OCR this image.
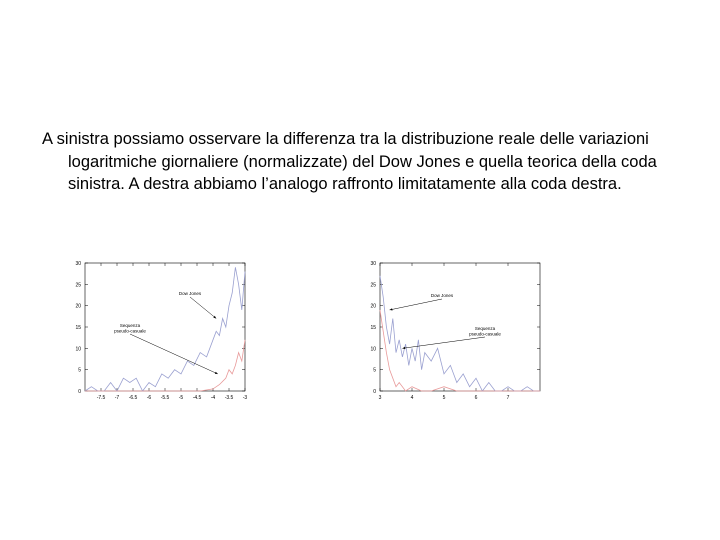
A sinistra possiamo osservare la differenza tra la distribuzione reale delle variazioni logaritmiche giornaliere (normalizzate) del Dow Jones e quella teorica della coda sinistra. A destra abbiamo l’analogo raffronto limitatamente alla coda destra.

0
5
10
15
20
25
30
-7.5 -7 -6.5 -6 -5.5 -5 -4.5 -4 -3.5 -3
Dow Jones
Sequenza
pseudo-casuale
0
5
10
15
20
25
30
3	4	5	6	7
Dow Jones
Sequenza
pseudo-casuale
